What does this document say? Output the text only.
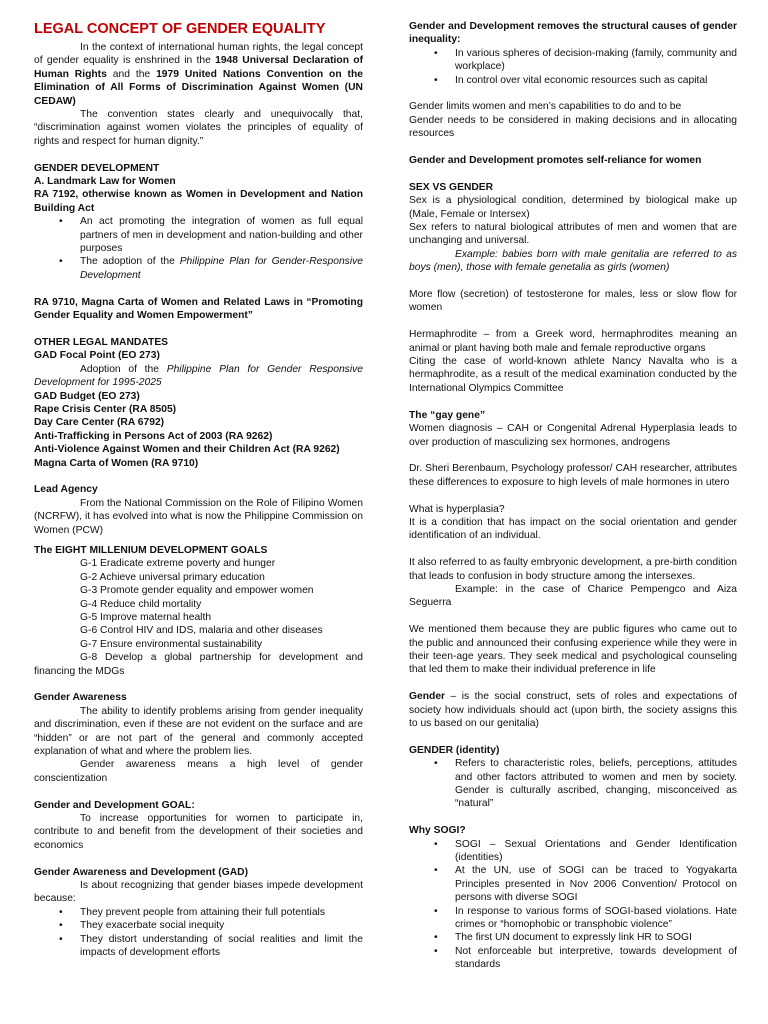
LEGAL CONCEPT OF GENDER EQUALITY

In the context of international human rights, the legal concept of gender equality is enshrined in the 1948 Universal Declaration of Human Rights and the 1979 United Nations Convention on the Elimination of All Forms of Discrimination Against Women (UN CEDAW)

The convention states clearly and unequivocally that, “discrimination against women violates the principles of equality of rights and respect for human dignity.”

GENDER DEVELOPMENT

A. Landmark Law for Women

RA 7192, otherwise known as Women in Development and Nation Building Act

• An act promoting the integration of women as full equal partners of men in development and nation-building and other purposes
• The adoption of the Philippine Plan for Gender-Responsive Development

RA 9710, Magna Carta of Women and Related Laws in “Promoting Gender Equality and Women Empowerment”

OTHER LEGAL MANDATES

GAD Focal Point (EO 273)

Adoption of the Philippine Plan for Gender Responsive Development for 1995-2025

GAD Budget (EO 273)

Rape Crisis Center (RA 8505)

Day Care Center (RA 6792)

Anti-Trafficking in Persons Act of 2003 (RA 9262)

Anti-Violence Against Women and their Children Act (RA 9262)

Magna Carta of Women (RA 9710)

Lead Agency

From the National Commission on the Role of Filipino Women (NCRFW), it has evolved into what is now the Philippine Commission on Women (PCW)

The EIGHT MILLENIUM DEVELOPMENT GOALS

G-1 Eradicate extreme poverty and hunger

G-2 Achieve universal primary education

G-3 Promote gender equality and empower women

G-4 Reduce child mortality

G-5 Improve maternal health

G-6 Control HIV and IDS, malaria and other diseases

G-7 Ensure environmental sustainability

G-8 Develop a global partnership for development and financing the MDGs

Gender Awareness

The ability to identify problems arising from gender inequality and discrimination, even if these are not evident on the surface and are “hidden” or are not part of the general and commonly accepted explanation of what and where the problem lies.

Gender awareness means a high level of gender conscientization

Gender and Development GOAL:

To increase opportunities for women to participate in, contribute to and benefit from the development of their societies and economics

Gender Awareness and Development (GAD)

Is about recognizing that gender biases impede development because:

• They prevent people from attaining their full potentials
• They exacerbate social inequity
• They distort understanding of social realities and limit the impacts of development efforts

Gender and Development removes the structural causes of gender inequality:

• In various spheres of decision-making (family, community and workplace)
• In control over vital economic resources such as capital

Gender limits women and men’s capabilities to do and to be

Gender needs to be considered in making decisions and in allocating resources

Gender and Development promotes self-reliance for women

SEX VS GENDER

Sex is a physiological condition, determined by biological make up (Male, Female or Intersex)

Sex refers to natural biological attributes of men and women that are unchanging and universal.

Example: babies born with male genitalia are referred to as boys (men), those with female genetalia as girls (women)

More flow (secretion) of testosterone for males, less or slow flow for women

Hermaphrodite – from a Greek word, hermaphrodites meaning an animal or plant having both male and female reproductive organs

Citing the case of world-known athlete Nancy Navalta who is a hermaphrodite, as a result of the medical examination conducted by the International Olympics Committee

The “gay gene”

Women diagnosis – CAH or Congenital Adrenal Hyperplasia leads to over production of masculizing sex hormones, androgens

Dr. Sheri Berenbaum, Psychology professor/ CAH researcher, attributes these differences to exposure to high levels of male hormones in utero

What is hyperplasia?

It is a condition that has impact on the social orientation and gender identification of an individual.

It also referred to as faulty embryonic development, a pre-birth condition that leads to confusion in body structure among the intersexes.

Example: in the case of Charice Pempengco and Aiza Seguerra

We mentioned them because they are public figures who came out to the public and announced their confusing experience while they were in their teen-age years. They seek medical and psychological counseling that led them to make their individual preference in life

Gender – is the social construct, sets of roles and expectations of society how individuals should act (upon birth, the society assigns this to us based on our genitalia)

GENDER (identity)

• Refers to characteristic roles, beliefs, perceptions, attitudes and other factors attributed to women and men by society. Gender is culturally ascribed, changing, misconceived as “natural”

Why SOGI?

• SOGI – Sexual Orientations and Gender Identification (identities)
• At the UN, use of SOGI can be traced to Yogyakarta Principles presented in Nov 2006 Convention/ Protocol on persons with diverse SOGI
• In response to various forms of SOGI-based violations. Hate crimes or “homophobic or transphobic violence”
• The first UN document to expressly link HR to SOGI
• Not enforceable but interpretive, towards development of standards
